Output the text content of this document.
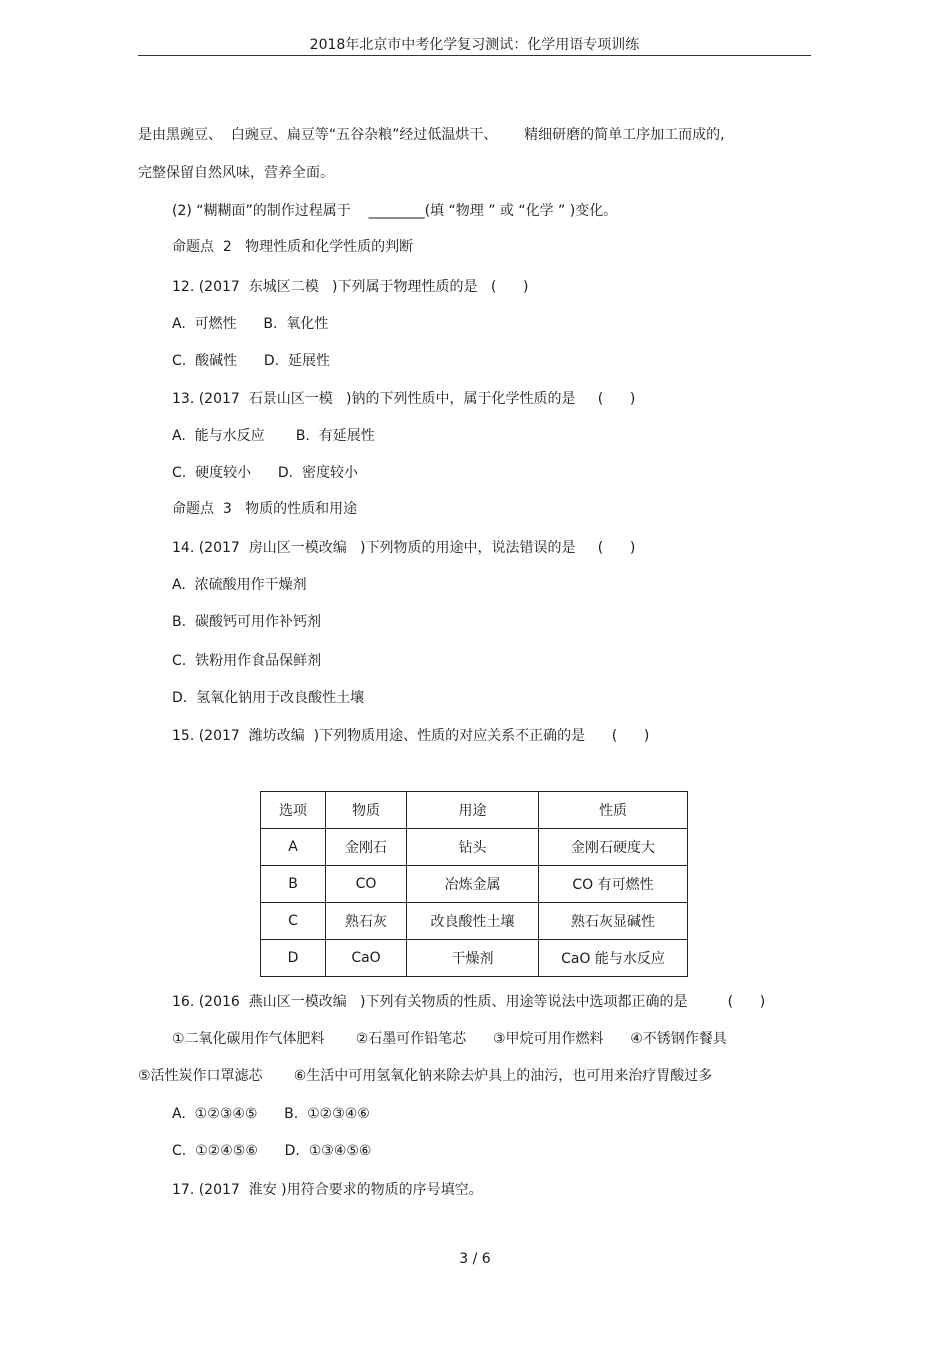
2018年北京市中考化学复习测试：化学用语专项训练
是由黑豌豆、  白豌豆、扁豆等“五谷杂粮”经过低温烘干、      精细研磨的简单工序加工而成的,
完整保留自然风味，营养全面。
(2) “糊糊面”的制作过程属于    ________(填 “物理 ” 或 “化学 ” )变化。
命题点  2   物理性质和化学性质的判断
12. (2017  东城区二模   )下列属于物理性质的是   (      )
A.  可燃性      B.  氧化性
C.  酸碱性      D.  延展性
13. (2017  石景山区一模   )钠的下列性质中，属于化学性质的是     (      )
A.  能与水反应       B.  有延展性
C.  硬度较小      D.  密度较小
命题点  3   物质的性质和用途
14. (2017  房山区一模改编   )下列物质的用途中，说法错误的是     (      )
A.  浓硫酸用作干燥剂
B.  碳酸钙可用作补钙剂
C.  铁粉用作食品保鲜剂
D.  氢氧化钠用于改良酸性土壤
15. (2017  潍坊改编  )下列物质用途、性质的对应关系不正确的是      (      )
选项	物质	用途	性质
A	金刚石	钻头	金刚石硬度大
B	CO	冶炼金属	CO 有可燃性
C	熟石灰	改良酸性土壤	熟石灰显碱性
D	CaO	干燥剂	CaO 能与水反应
16. (2016  燕山区一模改编   )下列有关物质的性质、用途等说法中选项都正确的是         (      )
①二氧化碳用作气体肥料       ②石墨可作铅笔芯      ③甲烷可用作燃料      ④不锈钢作餐具
⑤活性炭作口罩滤芯       ⑥生活中可用氢氧化钠来除去炉具上的油污，也可用来治疗胃酸过多
A.  ①②③④⑤      B.  ①②③④⑥
C.  ①②④⑤⑥      D.  ①③④⑤⑥
17. (2017  淮安 )用符合要求的物质的序号填空。
3 / 6
